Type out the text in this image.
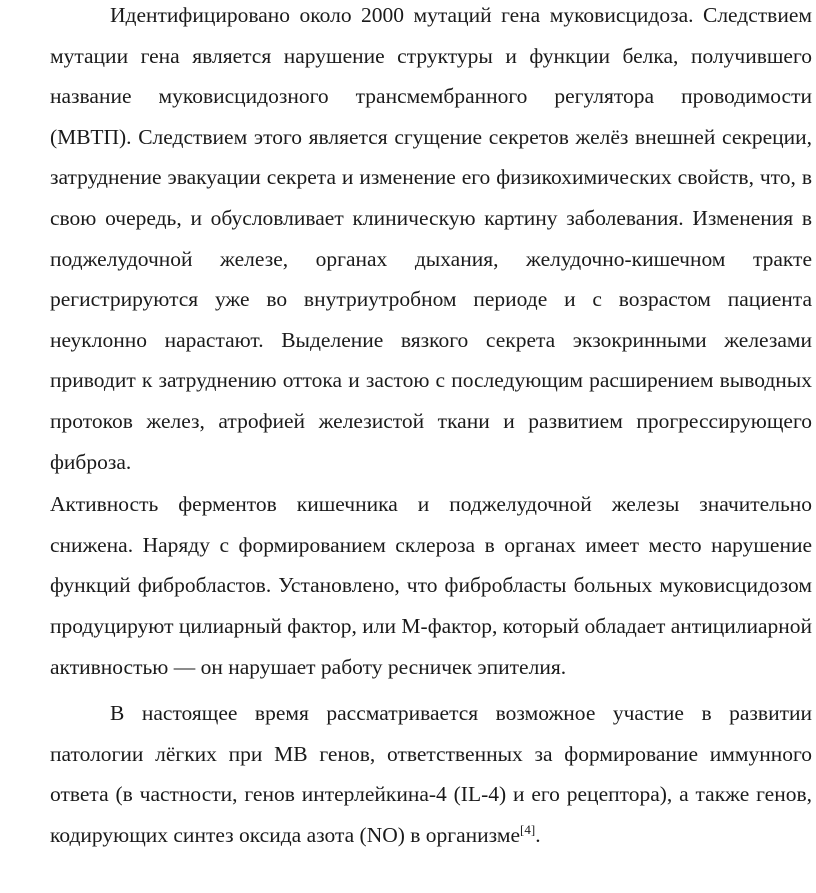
Идентифицировано около 2000 мутаций гена муковисцидоза. Следствием мутации гена является нарушение структуры и функции белка, получившего название муковисцидозного трансмембранного регулятора проводимости (МВТП). Следствием этого является сгущение секретов желёз внешней секреции, затруднение эвакуации секрета и изменение его физикохимических свойств, что, в свою очередь, и обусловливает клиническую картину заболевания. Изменения в поджелудочной железе, органах дыхания, желудочно-кишечном тракте регистрируются уже во внутриутробном периоде и с возрастом пациента неуклонно нарастают. Выделение вязкого секрета экзокринными железами приводит к затруднению оттока и застою с последующим расширением выводных протоков желез, атрофией железистой ткани и развитием прогрессирующего фиброза.

Активность ферментов кишечника и поджелудочной железы значительно снижена. Наряду с формированием склероза в органах имеет место нарушение функций фибробластов. Установлено, что фибробласты больных муковисцидозом продуцируют цилиарный фактор, или М-фактор, который обладает антицилиарной активностью — он нарушает работу ресничек эпителия.

В настоящее время рассматривается возможное участие в развитии патологии лёгких при МВ генов, ответственных за формирование иммунного ответа (в частности, генов интерлейкина-4 (IL-4) и его рецептора), а также генов, кодирующих синтез оксида азота (NO) в организме[4].
